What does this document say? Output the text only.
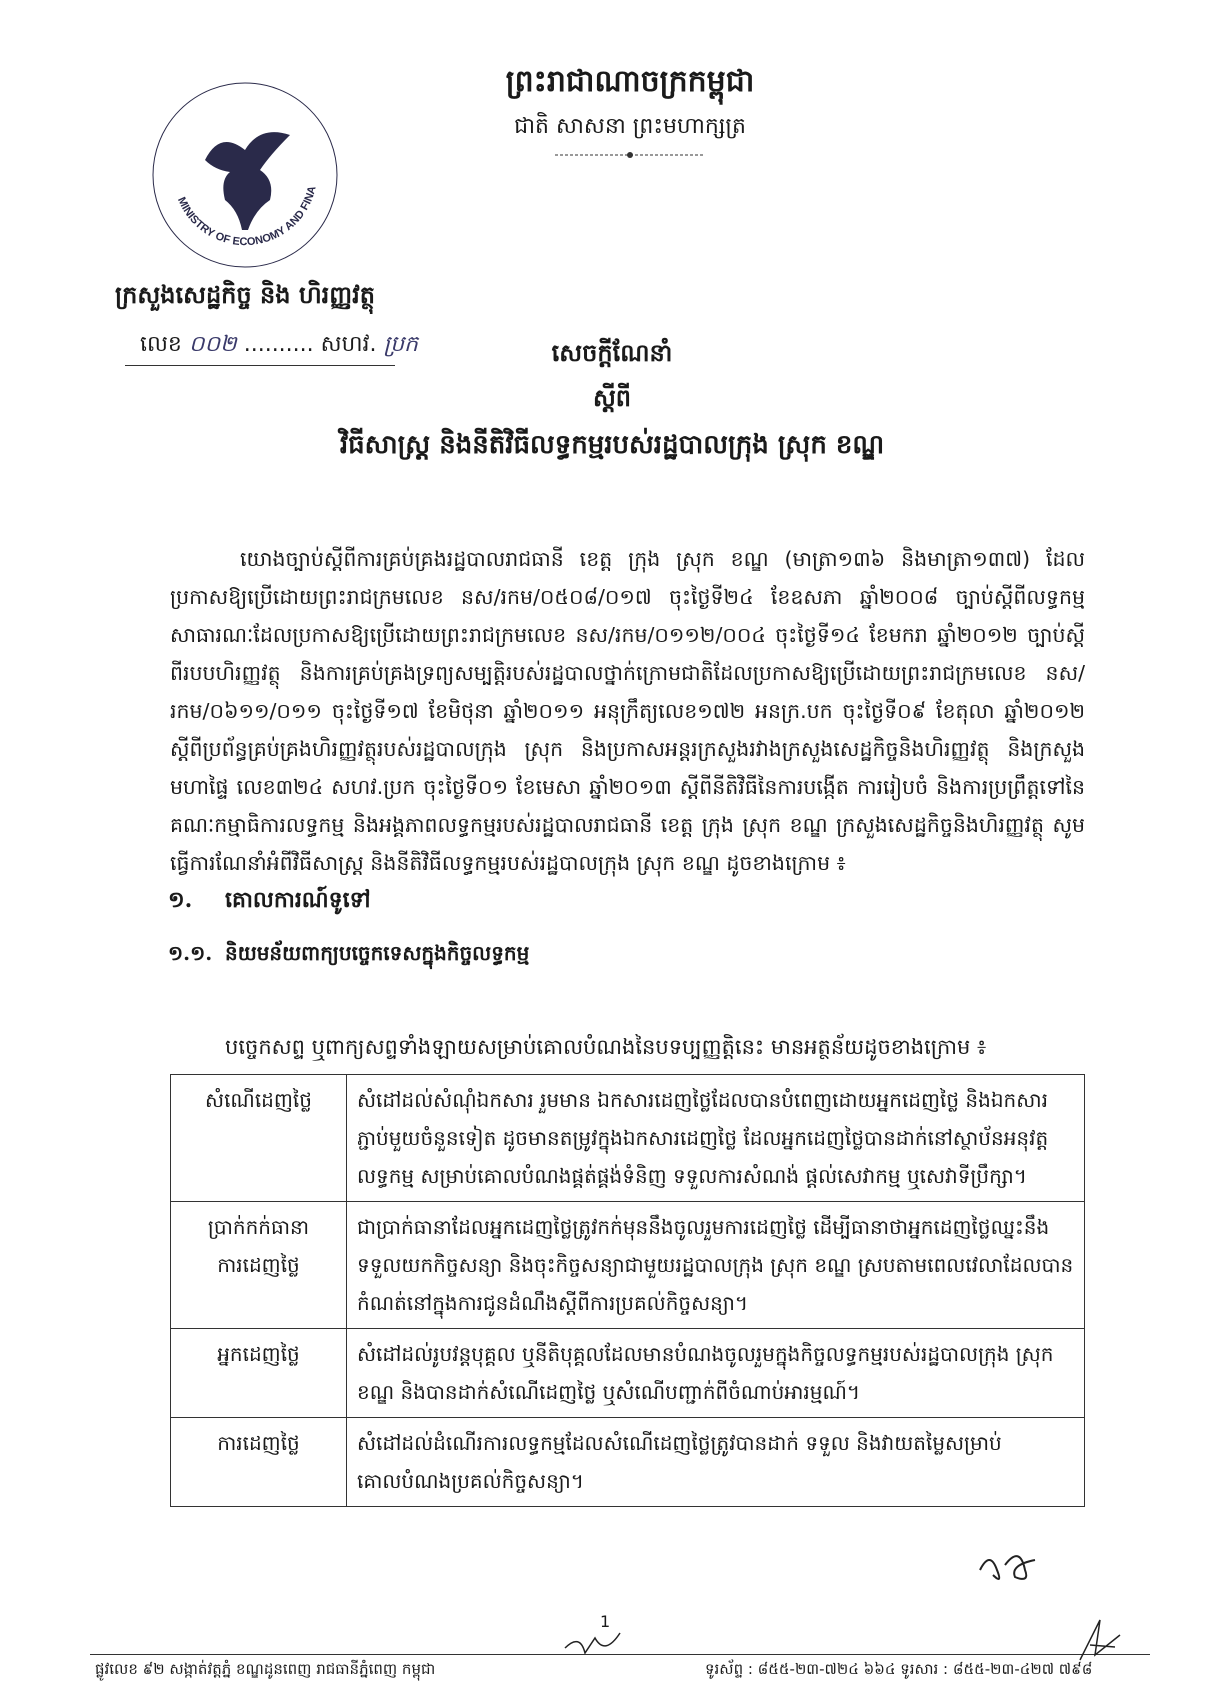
ព្រះរាជាណាចក្រកម្ពុជា
ជាតិ សាសនា ព្រះមហាក្សត្រ
MINISTRY OF ECONOMY AND FINA
ក្រសួងសេដ្ឋកិច្ច និង ហិរញ្ញវត្ថុ
លេខ ០០២ .......... សហវ. ប្រក	សេចក្តីណែនាំ
ស្តីពី
វិធីសាស្ត្រ និងនីតិវិធីលទ្ធកម្មរបស់រដ្ឋបាលក្រុង ស្រុក ខណ្ឌ

យោងច្បាប់ស្តីពីការគ្រប់គ្រងរដ្ឋបាលរាជធានី ខេត្ត ក្រុង ស្រុក ខណ្ឌ (មាត្រា១៣៦ និងមាត្រា១៣៧) ដែលប្រកាសឱ្យប្រើដោយព្រះរាជក្រមលេខ នស/រកម/០៥០៨/០១៧ ចុះថ្ងៃទី២៤ ខែឧសភា ឆ្នាំ២០០៨ ច្បាប់ស្តីពីលទ្ធកម្មសាធារណៈដែលប្រកាសឱ្យប្រើដោយព្រះរាជក្រមលេខ នស/រកម/០១១២/០០៤ ចុះថ្ងៃទី១៤ ខែមករា ឆ្នាំ២០១២ ច្បាប់ស្តីពីរបបហិរញ្ញវត្ថុ និងការគ្រប់គ្រងទ្រព្យសម្បត្តិរបស់រដ្ឋបាលថ្នាក់ក្រោមជាតិដែលប្រកាសឱ្យប្រើដោយព្រះរាជក្រមលេខ នស/រកម/០៦១១/០១១ ចុះថ្ងៃទី១៧ ខែមិថុនា ឆ្នាំ២០១១ អនុក្រឹត្យលេខ១៧២ អនក្រ.បក ចុះថ្ងៃទី០៩ ខែតុលា ឆ្នាំ២០១២ ស្តីពីប្រព័ន្ធគ្រប់គ្រងហិរញ្ញវត្ថុរបស់រដ្ឋបាលក្រុង ស្រុក និងប្រកាសអន្តរក្រសួងរវាងក្រសួងសេដ្ឋកិច្ចនិងហិរញ្ញវត្ថុ និងក្រសួងមហាផ្ទៃ លេខ៣២៤ សហវ.ប្រក ចុះថ្ងៃទី០១ ខែមេសា ឆ្នាំ២០១៣ ស្តីពីនីតិវិធីនៃការបង្កើត ការរៀបចំ និងការប្រព្រឹត្តទៅនៃគណៈកម្មាធិការលទ្ធកម្ម និងអង្គភាពលទ្ធកម្មរបស់រដ្ឋបាលរាជធានី ខេត្ត ក្រុង ស្រុក ខណ្ឌ ក្រសួងសេដ្ឋកិច្ចនិងហិរញ្ញវត្ថុ សូមធ្វើការណែនាំអំពីវិធីសាស្ត្រ និងនីតិវិធីលទ្ធកម្មរបស់រដ្ឋបាលក្រុង ស្រុក ខណ្ឌ ដូចខាងក្រោម ៖

១. គោលការណ៍ទូទៅ
១.១. និយមន័យពាក្យបច្ចេកទេសក្នុងកិច្ចលទ្ធកម្ម
បច្ចេកសព្ទ ឬពាក្យសព្ទទាំងឡាយសម្រាប់គោលបំណងនៃបទប្បញ្ញត្តិនេះ មានអត្ថន័យដូចខាងក្រោម ៖
សំណើដេញថ្លៃ	សំដៅដល់សំណុំឯកសារ រួមមាន ឯកសារដេញថ្លៃដែលបានបំពេញដោយអ្នកដេញថ្លៃ និងឯកសារភ្ជាប់មួយចំនួនទៀត ដូចមានតម្រូវក្នុងឯកសារដេញថ្លៃ ដែលអ្នកដេញថ្លៃបានដាក់នៅស្ថាប័នអនុវត្តលទ្ធកម្ម សម្រាប់គោលបំណងផ្គត់ផ្គង់ទំនិញ ទទួលការសំណង់ ផ្តល់សេវាកម្ម ឬសេវាទីប្រឹក្សា។
ប្រាក់កក់ធានាការដេញថ្លៃ	ជាប្រាក់ធានាដែលអ្នកដេញថ្លៃត្រូវកក់មុននឹងចូលរួមការដេញថ្លៃ ដើម្បីធានាថាអ្នកដេញថ្លៃឈ្នះនឹងទទួលយកកិច្ចសន្យា និងចុះកិច្ចសន្យាជាមួយរដ្ឋបាលក្រុង ស្រុក ខណ្ឌ ស្របតាមពេលវេលាដែលបានកំណត់នៅក្នុងការជូនដំណឹងស្តីពីការប្រគល់កិច្ចសន្យា។
អ្នកដេញថ្លៃ	សំដៅដល់រូបវន្តបុគ្គល ឬនីតិបុគ្គលដែលមានបំណងចូលរួមក្នុងកិច្ចលទ្ធកម្មរបស់រដ្ឋបាលក្រុង ស្រុក ខណ្ឌ និងបានដាក់សំណើដេញថ្លៃ ឬសំណើបញ្ជាក់ពីចំណាប់អារម្មណ៍។
ការដេញថ្លៃ	សំដៅដល់ដំណើរការលទ្ធកម្មដែលសំណើដេញថ្លៃត្រូវបានដាក់ ទទួល និងវាយតម្លៃសម្រាប់គោលបំណងប្រគល់កិច្ចសន្យា។
1
ផ្លូវលេខ ៩២ សង្កាត់វត្តភ្នំ ខណ្ឌដូនពេញ រាជធានីភ្នំពេញ កម្ពុជា	ទូរស័ព្ទ : ៨៥៥-២៣-៧២៤ ៦៦៤ ទូរសារ : ៨៥៥-២៣-៤២៧ ៧៩៨
